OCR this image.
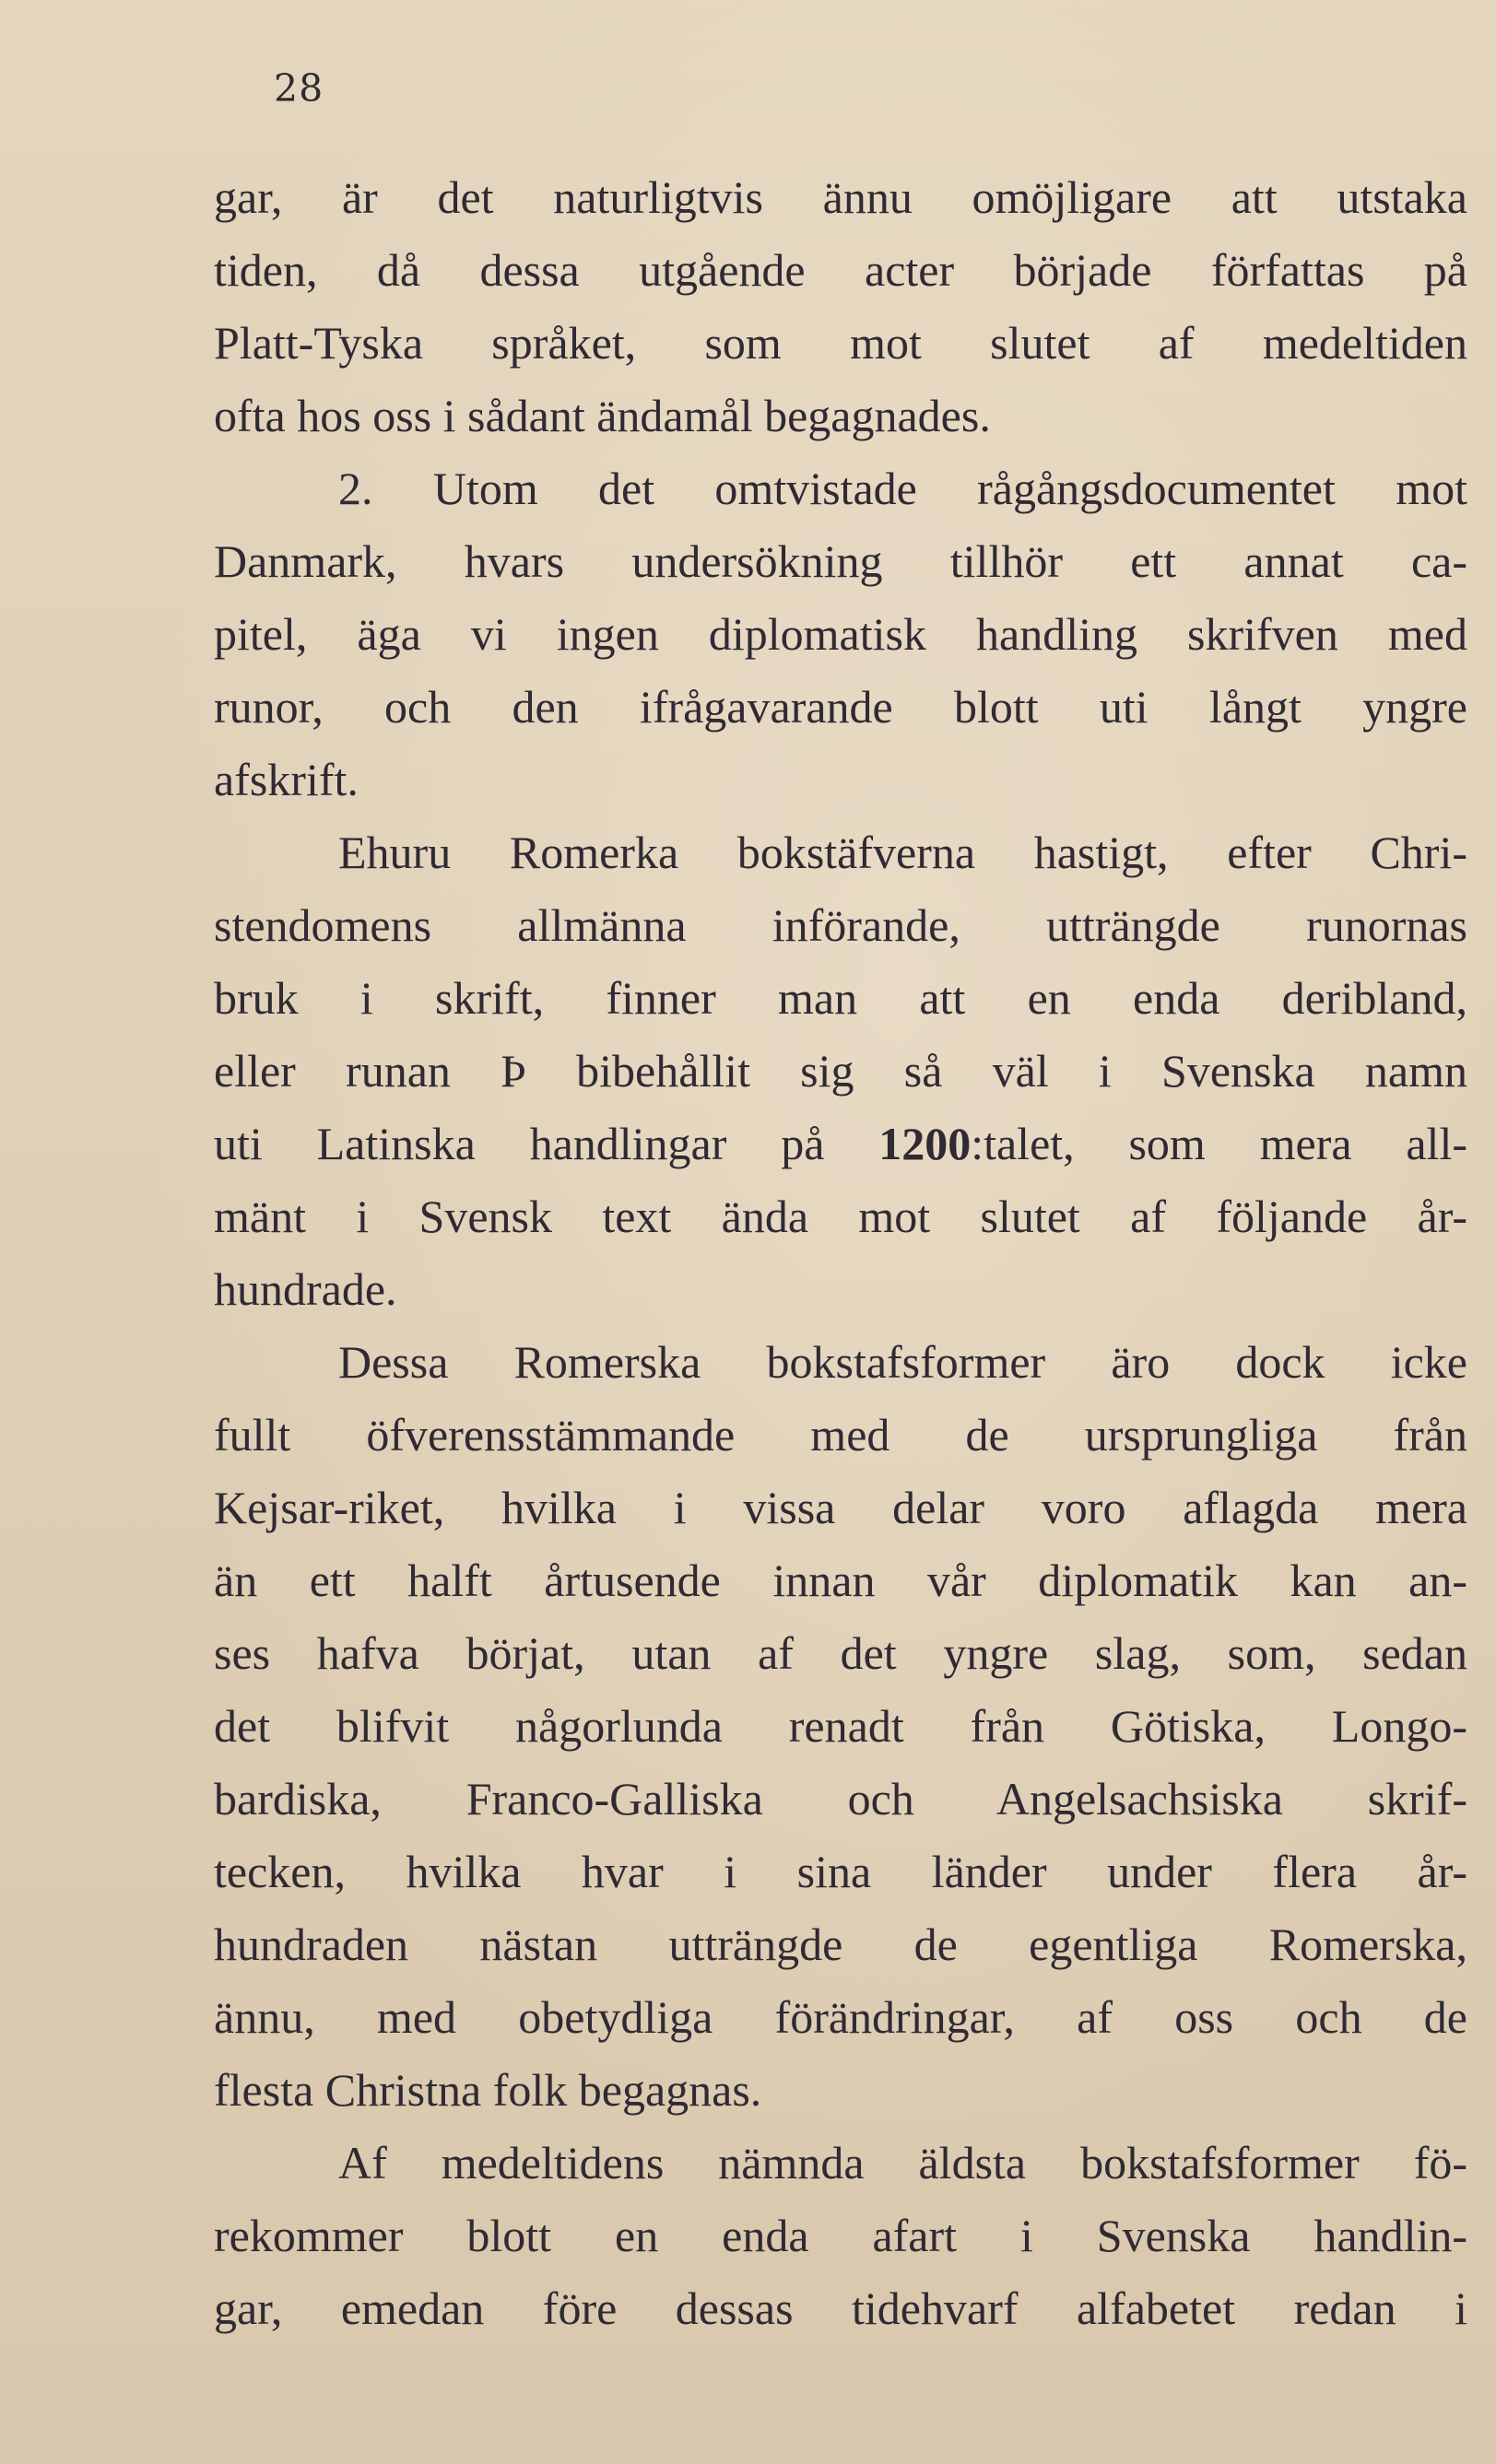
28
gar, är det naturligtvis ännu omöjligare att utstaka
tiden, då dessa utgående acter började författas på
Platt-Tyska språket, som mot slutet af medeltiden
ofta hos oss i sådant ändamål begagnades.
2. Utom det omtvistade rågångsdocumentet mot
Danmark, hvars undersökning tillhör ett annat ca-
pitel, äga vi ingen diplomatisk handling skrifven med
runor, och den ifrågavarande blott uti långt yngre
afskrift.
Ehuru Romerka bokstäfverna hastigt, efter Chri-
stendomens allmänna införande, utträngde runornas
bruk i skrift, finner man att en enda deribland,
eller runan Þ bibehållit sig så väl i Svenska namn
uti Latinska handlingar på 1200:talet, som mera all-
mänt i Svensk text ända mot slutet af följande år-
hundrade.
Dessa Romerska bokstafsformer äro dock icke
fullt öfverensstämmande med de ursprungliga från
Kejsar-riket, hvilka i vissa delar voro aflagda mera
än ett halft årtusende innan vår diplomatik kan an-
ses hafva börjat, utan af det yngre slag, som, sedan
det blifvit någorlunda renadt från Götiska, Longo-
bardiska, Franco-Galliska och Angelsachsiska skrif-
tecken, hvilka hvar i sina länder under flera år-
hundraden nästan utträngde de egentliga Romerska,
ännu, med obetydliga förändringar, af oss och de
flesta Christna folk begagnas.
Af medeltidens nämnda äldsta bokstafsformer fö-
rekommer blott en enda afart i Svenska handlin-
gar, emedan före dessas tidehvarf alfabetet redan i
